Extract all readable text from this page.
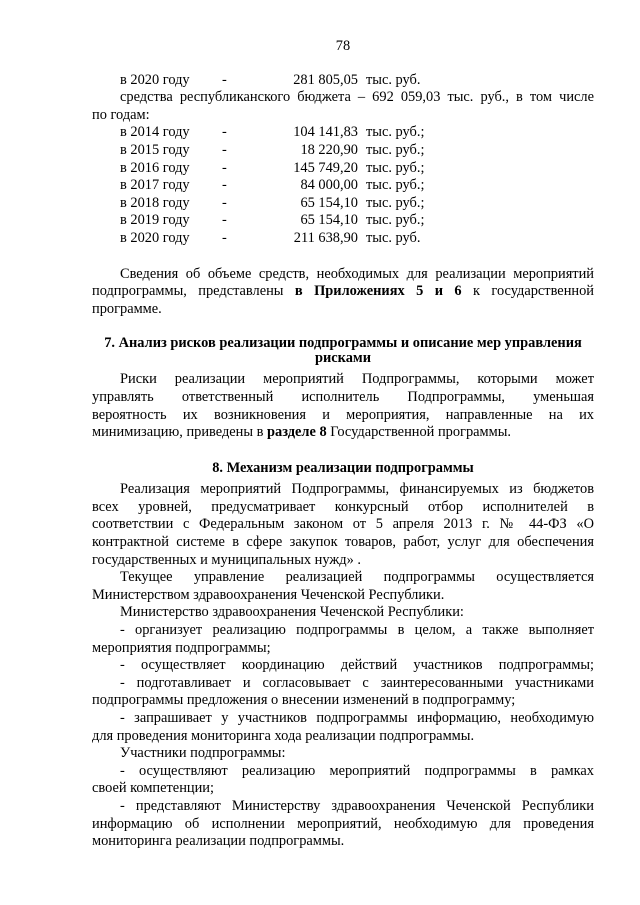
78
в 2020 году	-	281 805,05 тыс. руб.
средства республиканского бюджета – 692 059,03 тыс. руб., в том числе
по годам:
в 2014 году	-	104 141,83 тыс. руб.;
в 2015 году	-	18 220,90 тыс. руб.;
в 2016 году	-	145 749,20 тыс. руб.;
в 2017 году	-	84 000,00 тыс. руб.;
в 2018 году	-	65 154,10 тыс. руб.;
в 2019 году	-	65 154,10 тыс. руб.;
в 2020 году	-	211 638,90 тыс. руб.
Сведения об объеме средств, необходимых для реализации мероприятий
подпрограммы, представлены в Приложениях 5 и 6 к государственной
программе.
7. Анализ рисков реализации подпрограммы и описание мер управления
рисками
Риски реализации мероприятий Подпрограммы, которыми может
управлять ответственный исполнитель Подпрограммы, уменьшая
вероятность их возникновения и мероприятия, направленные на их
минимизацию, приведены в разделе 8 Государственной программы.
8. Механизм реализации подпрограммы
Реализация мероприятий Подпрограммы, финансируемых из бюджетов
всех уровней, предусматривает конкурсный отбор исполнителей в
соответствии с Федеральным законом от 5 апреля 2013 г. № 44-ФЗ «О
контрактной системе в сфере закупок товаров, работ, услуг для обеспечения
государственных и муниципальных нужд» .
Текущее управление реализацией подпрограммы осуществляется
Министерством здравоохранения Чеченской Республики.
Министерство здравоохранения Чеченской Республики:
- организует реализацию подпрограммы в целом, а также выполняет
мероприятия подпрограммы;
- осуществляет координацию действий участников подпрограммы;
- подготавливает и согласовывает с заинтересованными участниками
подпрограммы предложения о внесении изменений в подпрограмму;
- запрашивает у участников подпрограммы информацию, необходимую
для проведения мониторинга хода реализации подпрограммы.
Участники подпрограммы:
- осуществляют реализацию мероприятий подпрограммы в рамках
своей компетенции;
- представляют Министерству здравоохранения Чеченской Республики
информацию об исполнении мероприятий, необходимую для проведения
мониторинга реализации подпрограммы.
